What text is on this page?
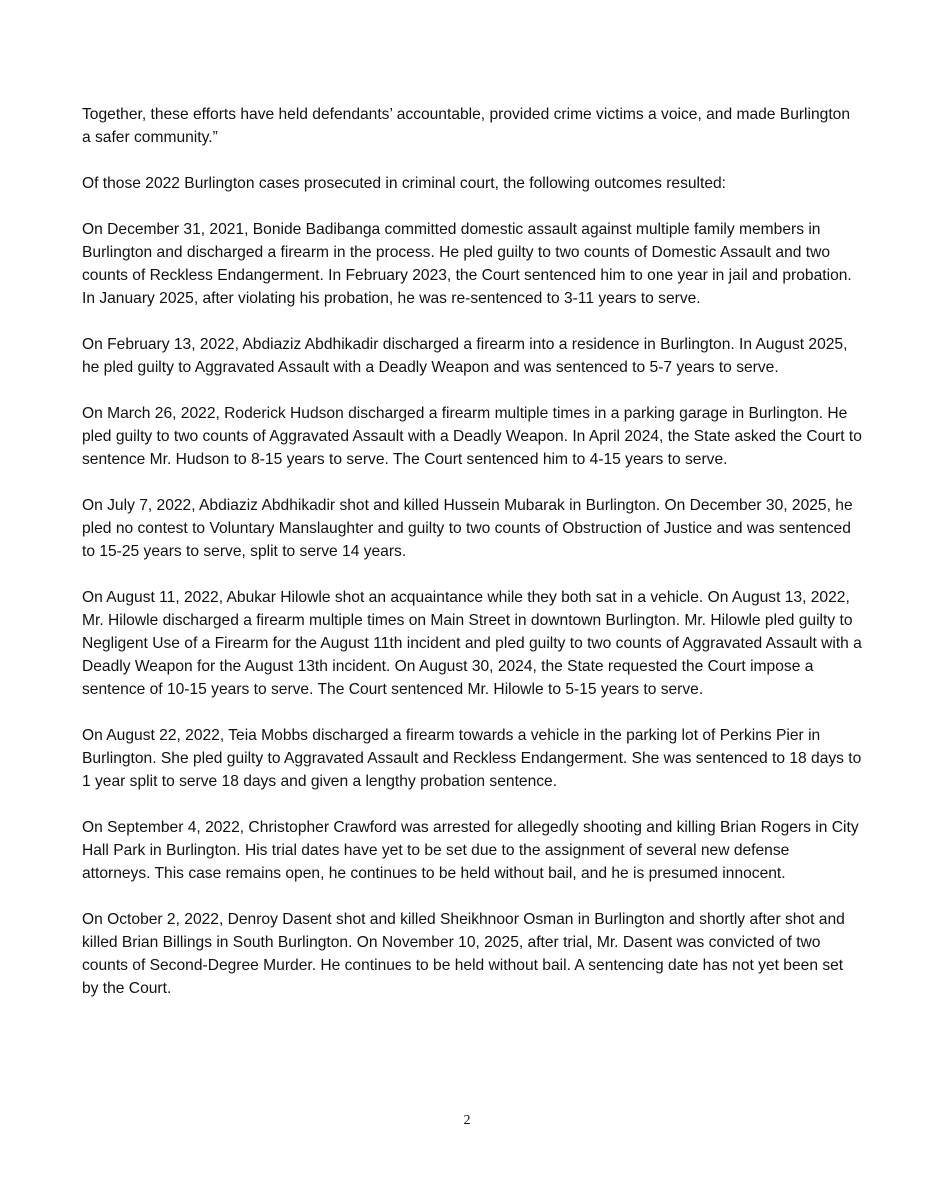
Together, these efforts have held defendants’ accountable, provided crime victims a voice, and made Burlington a safer community.”

Of those 2022 Burlington cases prosecuted in criminal court, the following outcomes resulted:

On December 31, 2021, Bonide Badibanga committed domestic assault against multiple family members in Burlington and discharged a firearm in the process. He pled guilty to two counts of Domestic Assault and two counts of Reckless Endangerment. In February 2023, the Court sentenced him to one year in jail and probation. In January 2025, after violating his probation, he was re-sentenced to 3-11 years to serve.

On February 13, 2022, Abdiaziz Abdhikadir discharged a firearm into a residence in Burlington. In August 2025, he pled guilty to Aggravated Assault with a Deadly Weapon and was sentenced to 5-7 years to serve.

On March 26, 2022, Roderick Hudson discharged a firearm multiple times in a parking garage in Burlington. He pled guilty to two counts of Aggravated Assault with a Deadly Weapon. In April 2024, the State asked the Court to sentence Mr. Hudson to 8-15 years to serve. The Court sentenced him to 4-15 years to serve.

On July 7, 2022, Abdiaziz Abdhikadir shot and killed Hussein Mubarak in Burlington. On December 30, 2025, he pled no contest to Voluntary Manslaughter and guilty to two counts of Obstruction of Justice and was sentenced to 15-25 years to serve, split to serve 14 years.

On August 11, 2022, Abukar Hilowle shot an acquaintance while they both sat in a vehicle. On August 13, 2022, Mr. Hilowle discharged a firearm multiple times on Main Street in downtown Burlington. Mr. Hilowle pled guilty to Negligent Use of a Firearm for the August 11th incident and pled guilty to two counts of Aggravated Assault with a Deadly Weapon for the August 13th incident. On August 30, 2024, the State requested the Court impose a sentence of 10-15 years to serve. The Court sentenced Mr. Hilowle to 5-15 years to serve.

On August 22, 2022, Teia Mobbs discharged a firearm towards a vehicle in the parking lot of Perkins Pier in Burlington. She pled guilty to Aggravated Assault and Reckless Endangerment. She was sentenced to 18 days to 1 year split to serve 18 days and given a lengthy probation sentence.

On September 4, 2022, Christopher Crawford was arrested for allegedly shooting and killing Brian Rogers in City Hall Park in Burlington. His trial dates have yet to be set due to the assignment of several new defense attorneys. This case remains open, he continues to be held without bail, and he is presumed innocent.

On October 2, 2022, Denroy Dasent shot and killed Sheikhnoor Osman in Burlington and shortly after shot and killed Brian Billings in South Burlington. On November 10, 2025, after trial, Mr. Dasent was convicted of two counts of Second-Degree Murder. He continues to be held without bail. A sentencing date has not yet been set by the Court.

2
